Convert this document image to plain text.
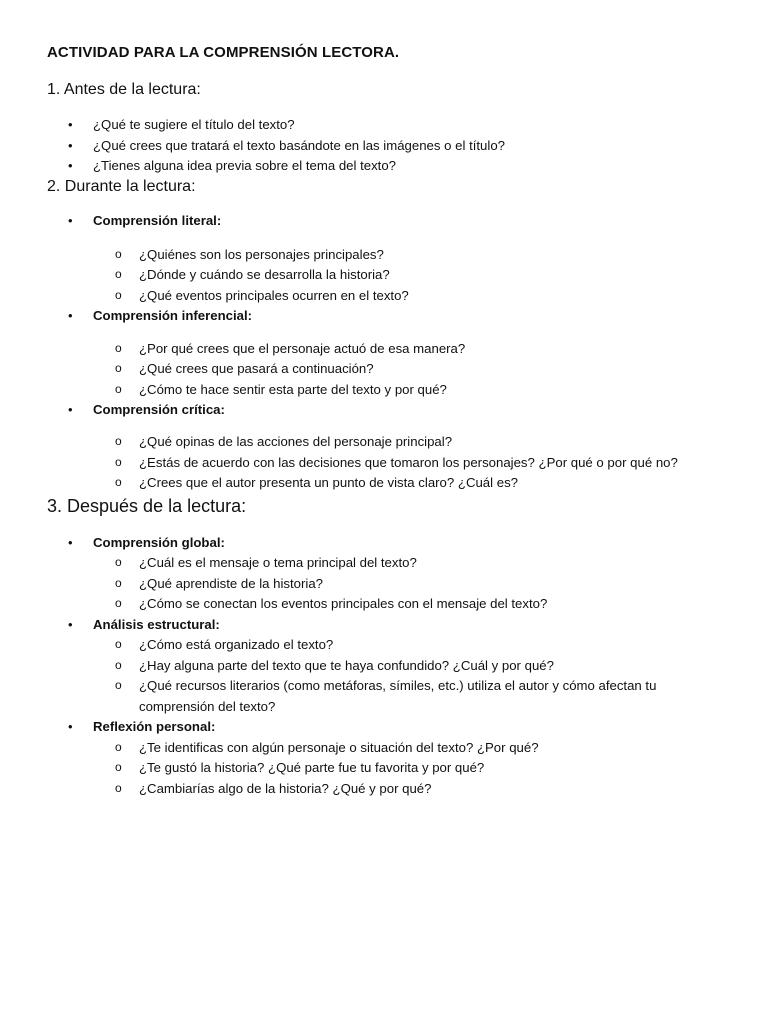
ACTIVIDAD PARA LA COMPRENSIÓN LECTORA.
1. Antes de la lectura:
• ¿Qué te sugiere el título del texto?
• ¿Qué crees que tratará el texto basándote en las imágenes o el título?
• ¿Tienes alguna idea previa sobre el tema del texto?
2. Durante la lectura:
• Comprensión literal:
o ¿Quiénes son los personajes principales?
o ¿Dónde y cuándo se desarrolla la historia?
o ¿Qué eventos principales ocurren en el texto?
• Comprensión inferencial:
o ¿Por qué crees que el personaje actuó de esa manera?
o ¿Qué crees que pasará a continuación?
o ¿Cómo te hace sentir esta parte del texto y por qué?
• Comprensión crítica:
o ¿Qué opinas de las acciones del personaje principal?
o ¿Estás de acuerdo con las decisiones que tomaron los personajes? ¿Por qué o por qué no?
o ¿Crees que el autor presenta un punto de vista claro? ¿Cuál es?
3. Después de la lectura:
• Comprensión global:
o ¿Cuál es el mensaje o tema principal del texto?
o ¿Qué aprendiste de la historia?
o ¿Cómo se conectan los eventos principales con el mensaje del texto?
• Análisis estructural:
o ¿Cómo está organizado el texto?
o ¿Hay alguna parte del texto que te haya confundido? ¿Cuál y por qué?
o ¿Qué recursos literarios (como metáforas, símiles, etc.) utiliza el autor y cómo afectan tu
comprensión del texto?
• Reflexión personal:
o ¿Te identificas con algún personaje o situación del texto? ¿Por qué?
o ¿Te gustó la historia? ¿Qué parte fue tu favorita y por qué?
o ¿Cambiarías algo de la historia? ¿Qué y por qué?
